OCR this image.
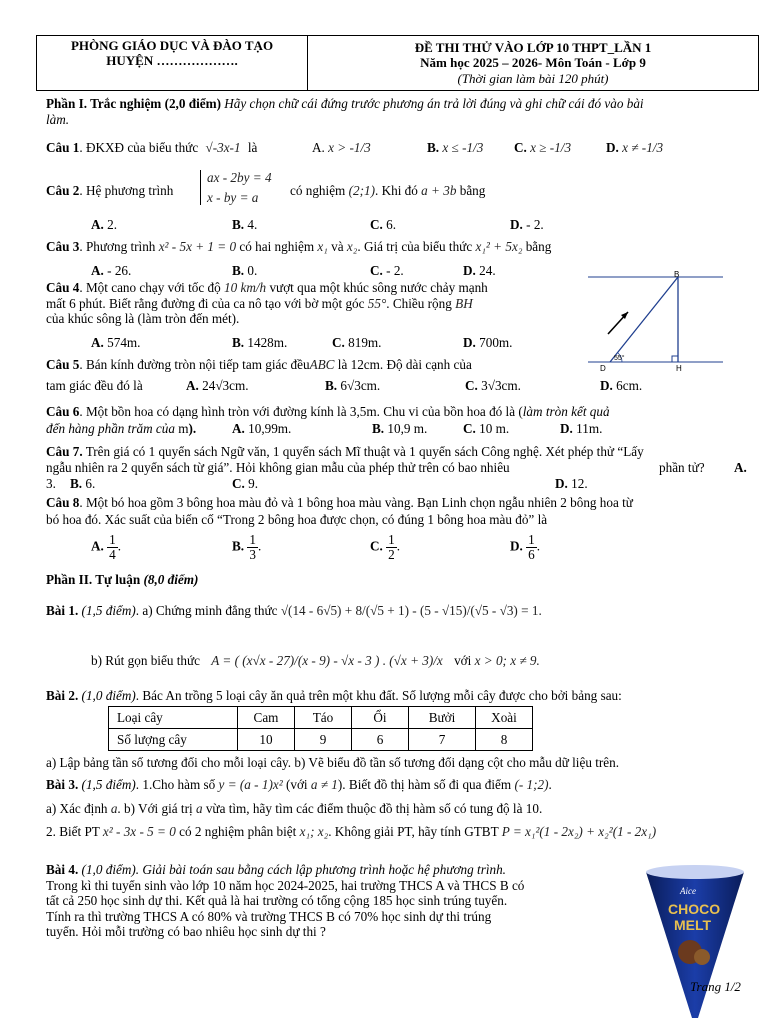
PHÒNG GIÁO DỤC VÀ ĐÀO TẠO
HUYỆN ……………….
ĐỀ THI THỬ VÀO LỚP 10 THPT_LẦN 1
Năm học 2025 – 2026- Môn Toán - Lớp 9
(Thời gian làm bài 120 phút)
Phần I. Trắc nghiệm (2,0 điểm) Hãy chọn chữ cái đứng trước phương án trả lời đúng và ghi chữ cái đó vào bài
làm.
Câu 1. ĐKXĐ của biểu thức √-3x-1 là	A. x > -1/3	B. x ≤ -1/3 C. x ≥ -1/3	D. x ≠ -1/3
Câu 2. Hệ phương trình
ax - 2by = 4
x - by = a	có nghiệm (2;1). Khi đó a + 3b bằng
A. 2.	B. 4.	C. 6.	D. - 2.
Câu 3. Phương trình x² - 5x + 1 = 0 có hai nghiệm x₁ và x₂. Giá trị của biểu thức x₁² + 5x₂ bằng
A. - 26.	B. 0.	C. - 2.	D. 24.
Câu 4. Một cano chạy với tốc độ 10 km/h vượt qua một khúc sông nước chảy mạnh
mất 6 phút. Biết rằng đường đi của ca nô tạo với bờ một góc 55°. Chiều rộng BH
của khúc sông là (làm tròn đến mét).
A. 574m.	B. 1428m.	C. 819m.	D. 700m.
B
D	H
55°
Câu 5. Bán kính đường tròn nội tiếp tam giác đềuABC là 12cm. Độ dài cạnh của
tam giác đều đó là	A. 24√3cm.	B. 6√3cm.	C. 3√3cm.	D. 6cm.
Câu 6. Một bồn hoa có dạng hình tròn với đường kính là 3,5m. Chu vi của bồn hoa đó là (làm tròn kết quả
đến hàng phần trăm của m).	A. 10,99m.	B. 10,9 m.	C. 10 m.	D. 11m.
Câu 7. Trên giá có 1 quyển sách Ngữ văn, 1 quyển sách Mĩ thuật và 1 quyển sách Công nghệ. Xét phép thử “Lấy
ngẫu nhiên ra 2 quyển sách từ giá”. Hỏi không gian mẫu của phép thử trên có bao nhiêu	phần tử? A.
3. B. 6.	C. 9.	D. 12.
Câu 8. Một bó hoa gồm 3 bông hoa màu đỏ và 1 bông hoa màu vàng. Bạn Linh chọn ngẫu nhiên 2 bông hoa từ
bó hoa đó. Xác suất của biến cố “Trong 2 bông hoa được chọn, có đúng 1 bông hoa màu đỏ” là
A. $\frac{1}{4}$ .	B. $\frac{1}{3}$ .	C. $\frac{1}{2}$ .	D. $\frac{1}{6}$ .
Phần II. Tự luận (8,0 điểm)
Bài 1. (1,5 điểm). a) Chứng minh đẳng thức √(14 - 6√5) + 8/(√5 + 1) - (5 - √15)/(√5 - √3) = 1.
b) Rút gọn biểu thức A = ( (x√x - 27)/(x - 9) - √x - 3 ) . (√x + 3)/x với x > 0; x ≠ 9.
Bài 2. (1,0 điểm). Bác An trồng 5 loại cây ăn quả trên một khu đất. Số lượng mỗi cây được cho bởi bảng sau:
Loại cây	Cam	Táo	Ổi	Bưởi	Xoài
Số lượng cây	10	9	6	7	8
a) Lập bảng tần số tương đối cho mỗi loại cây. b) Vẽ biểu đồ tần số tương đối dạng cột cho mẫu dữ liệu trên.
Bài 3. (1,5 điểm). 1.Cho hàm số y = (a - 1)x² (với a ≠ 1). Biết đồ thị hàm số đi qua điểm (- 1;2).
a) Xác định a. b) Với giá trị a vừa tìm, hãy tìm các điểm thuộc đồ thị hàm số có tung độ là 10.
2. Biết PT x² - 3x - 5 = 0 có 2 nghiệm phân biệt x₁; x₂. Không giải PT, hãy tính GTBT P = x₁²(1 - 2x₂) + x₂²(1 - 2x₁)
Bài 4. (1,0 điểm). Giải bài toán sau bằng cách lập phương trình hoặc hệ phương trình.
Trong kì thi tuyển sinh vào lớp 10 năm học 2024-2025, hai trường THCS A và THCS B có
tất cả 250 học sinh dự thi. Kết quả là hai trường có tổng cộng 185 học sinh trúng tuyển.
Tính ra thì trường THCS A có 80% và trường THCS B có 70% học sinh dự thi trúng
tuyển. Hỏi mỗi trường có bao nhiêu học sinh dự thi ?
Aice
CHOCO
MELT
Trang 1/2
